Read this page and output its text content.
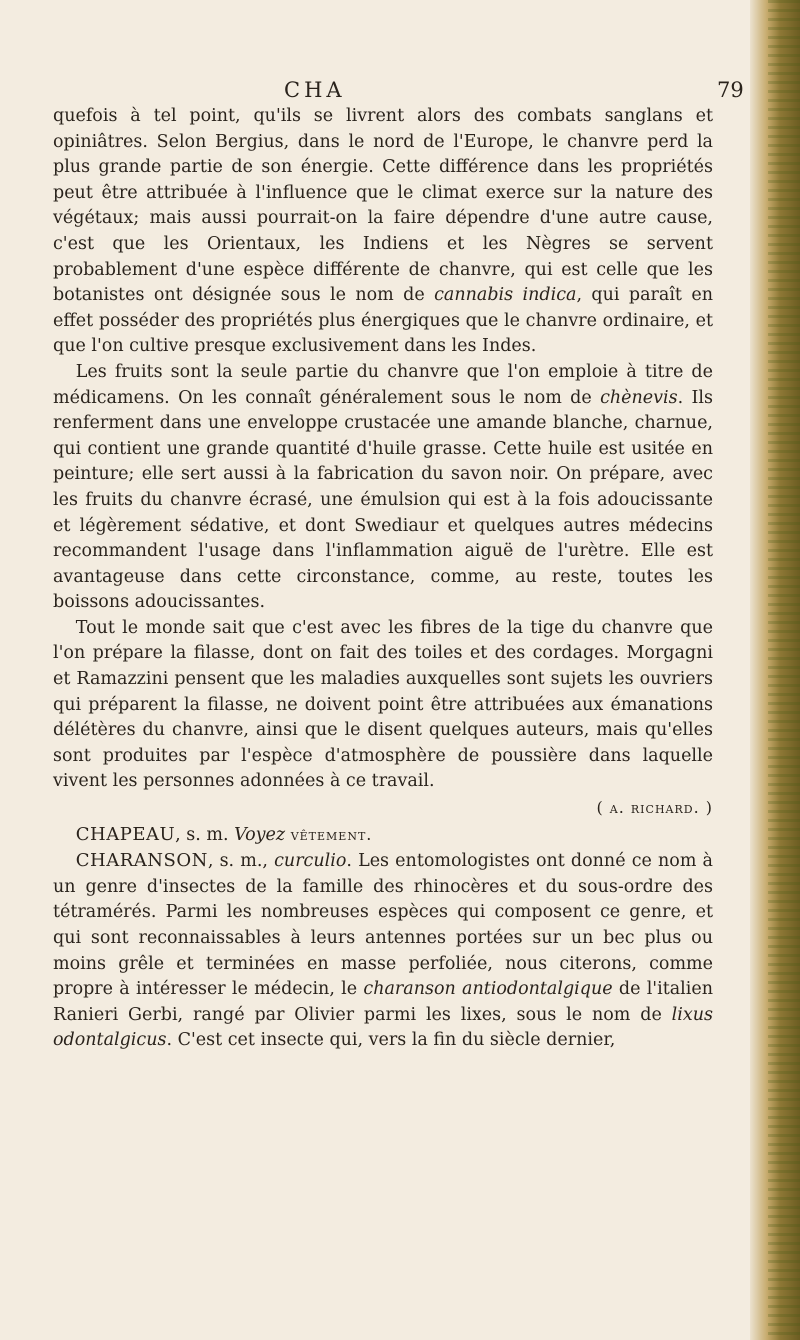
CHA	79

quefois à tel point, qu'ils se livrent alors des combats sanglans et opiniâtres. Selon Bergius, dans le nord de l'Europe, le chanvre perd la plus grande partie de son énergie. Cette différence dans les propriétés peut être attribuée à l'influence que le climat exerce sur la nature des végétaux; mais aussi pourrait-on la faire dépendre d'une autre cause, c'est que les Orientaux, les Indiens et les Nègres se servent probablement d'une espèce différente de chanvre, qui est celle que les botanistes ont désignée sous le nom de cannabis indica, qui paraît en effet posséder des propriétés plus énergiques que le chanvre ordinaire, et que l'on cultive presque exclusivement dans les Indes.

Les fruits sont la seule partie du chanvre que l'on emploie à titre de médicamens. On les connaît généralement sous le nom de chènevis. Ils renferment dans une enveloppe crustacée une amande blanche, charnue, qui contient une grande quantité d'huile grasse. Cette huile est usitée en peinture; elle sert aussi à la fabrication du savon noir. On prépare, avec les fruits du chanvre écrasé, une émulsion qui est à la fois adoucissante et légèrement sédative, et dont Swediaur et quelques autres médecins recommandent l'usage dans l'inflammation aiguë de l'urètre. Elle est avantageuse dans cette circonstance, comme, au reste, toutes les boissons adoucissantes.

Tout le monde sait que c'est avec les fibres de la tige du chanvre que l'on prépare la filasse, dont on fait des toiles et des cordages. Morgagni et Ramazzini pensent que les maladies auxquelles sont sujets les ouvriers qui préparent la filasse, ne doivent point être attribuées aux émanations délétères du chanvre, ainsi que le disent quelques auteurs, mais qu'elles sont produites par l'espèce d'atmosphère de poussière dans laquelle vivent les personnes adonnées à ce travail.

( a. richard. )

CHAPEAU, s. m. Voyez vêtement.

CHARANSON, s. m., curculio. Les entomologistes ont donné ce nom à un genre d'insectes de la famille des rhinocères et du sous-ordre des tétramérés. Parmi les nombreuses espèces qui composent ce genre, et qui sont reconnaissables à leurs antennes portées sur un bec plus ou moins grêle et terminées en masse perfoliée, nous citerons, comme propre à intéresser le médecin, le charanson antiodontalgique de l'italien Ranieri Gerbi, rangé par Olivier parmi les lixes, sous le nom de lixus odontalgicus. C'est cet insecte qui, vers la fin du siècle dernier,
